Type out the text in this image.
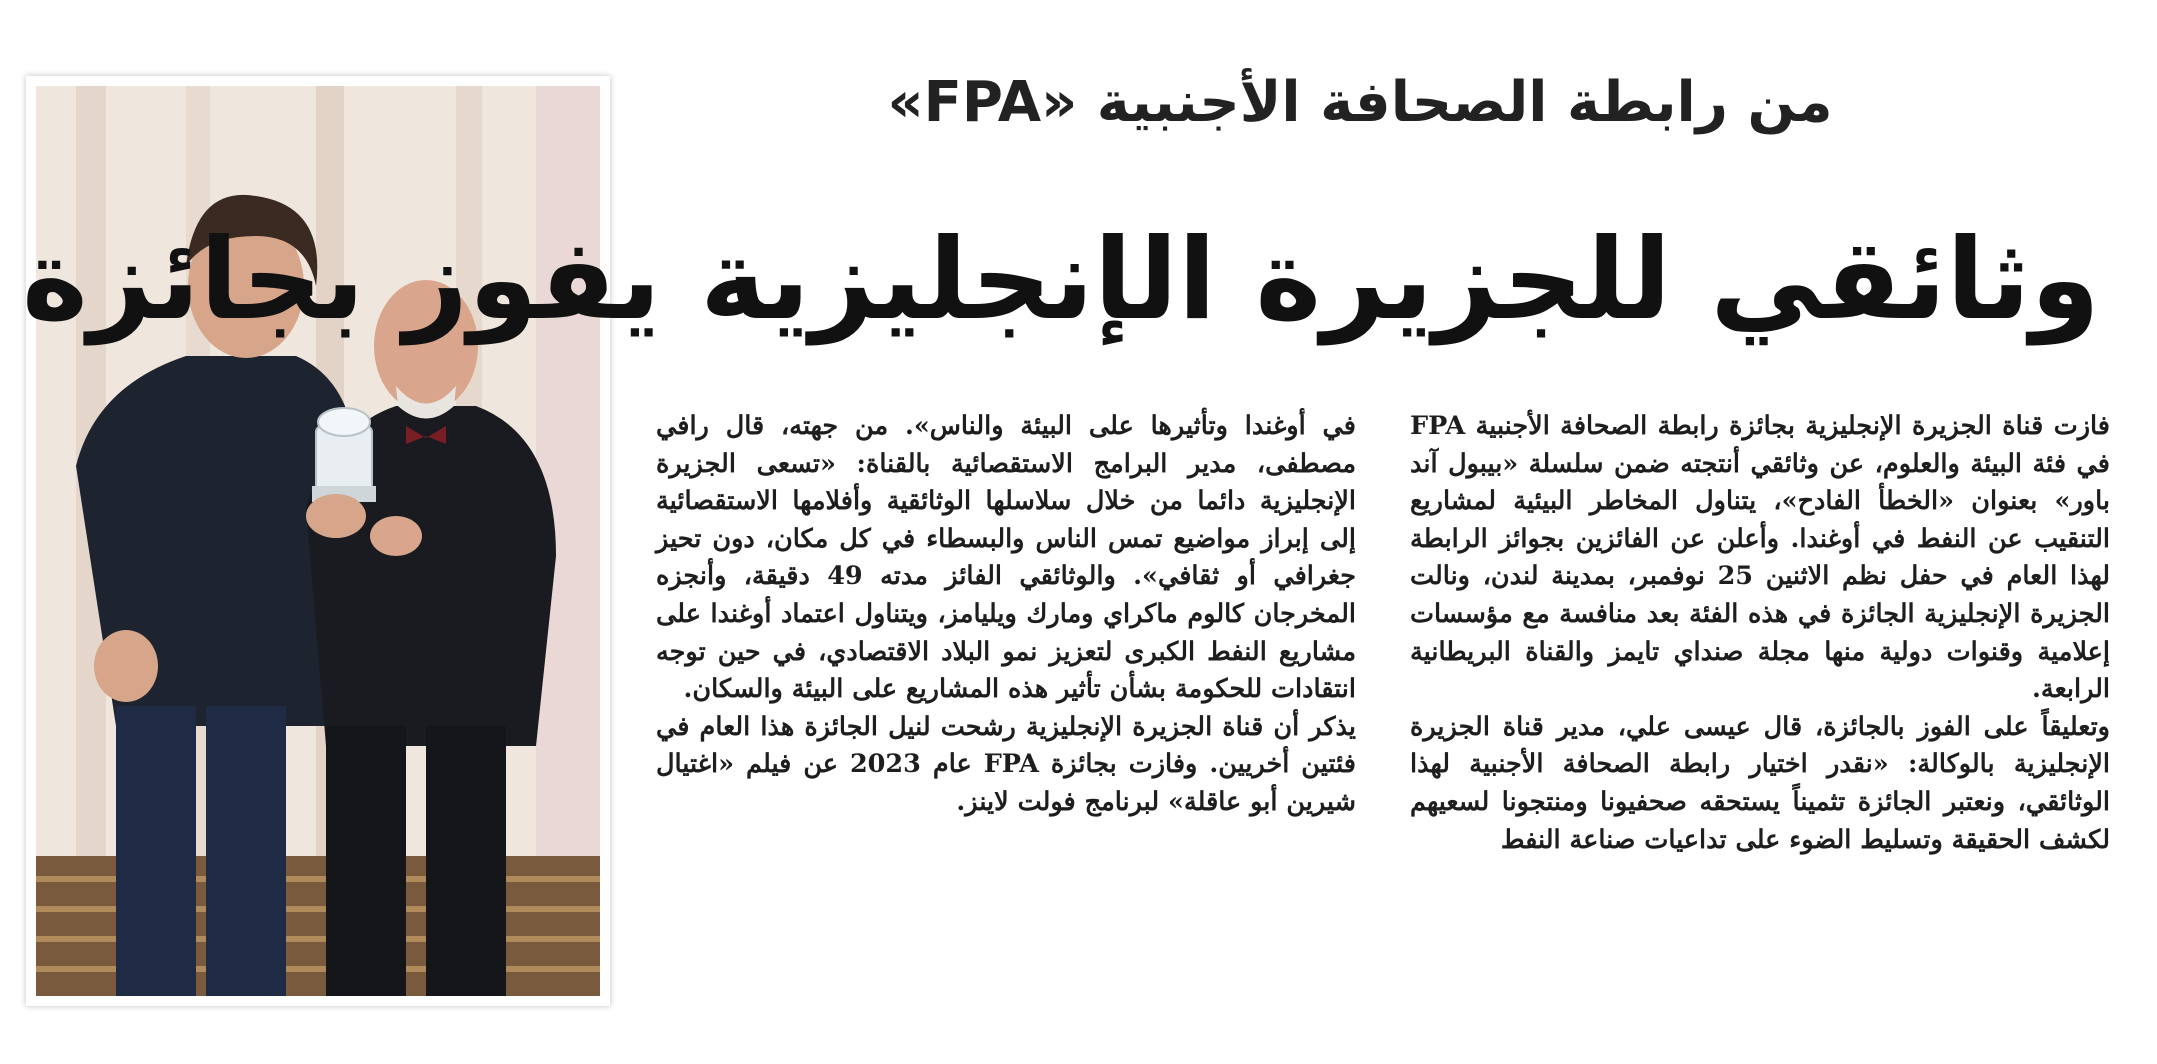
من رابطة الصحافة الأجنبية «FPA»
وثائقي للجزيرة الإنجليزية يفوز بجائزة

فازت قناة الجزيرة الإنجليزية بجائزة رابطة الصحافة الأجنبية FPA في فئة البيئة والعلوم، عن وثائقي أنتجته ضمن سلسلة «بيبول آند باور» بعنوان «الخطأ الفادح»، يتناول المخاطر البيئية لمشاريع التنقيب عن النفط في أوغندا. وأعلن عن الفائزين بجوائز الرابطة لهذا العام في حفل نظم الاثنين 25 نوفمبر، بمدينة لندن، ونالت الجزيرة الإنجليزية الجائزة في هذه الفئة بعد منافسة مع مؤسسات إعلامية وقنوات دولية منها مجلة صنداي تايمز والقناة البريطانية الرابعة.

وتعليقاً على الفوز بالجائزة، قال عيسى علي، مدير قناة الجزيرة الإنجليزية بالوكالة: «نقدر اختيار رابطة الصحافة الأجنبية لهذا الوثائقي، ونعتبر الجائزة تثميناً يستحقه صحفيونا ومنتجونا لسعيهم لكشف الحقيقة وتسليط الضوء على تداعيات صناعة النفط

في أوغندا وتأثيرها على البيئة والناس». من جهته، قال رافي مصطفى، مدير البرامج الاستقصائية بالقناة: «تسعى الجزيرة الإنجليزية دائما من خلال سلاسلها الوثائقية وأفلامها الاستقصائية إلى إبراز مواضيع تمس الناس والبسطاء في كل مكان، دون تحيز جغرافي أو ثقافي». والوثائقي الفائز مدته 49 دقيقة، وأنجزه المخرجان كالوم ماكراي ومارك ويليامز، ويتناول اعتماد أوغندا على مشاريع النفط الكبرى لتعزيز نمو البلاد الاقتصادي، في حين توجه انتقادات للحكومة بشأن تأثير هذه المشاريع على البيئة والسكان.

يذكر أن قناة الجزيرة الإنجليزية رشحت لنيل الجائزة هذا العام في فئتين أخريين. وفازت بجائزة FPA عام 2023 عن فيلم «اغتيال شيرين أبو عاقلة» لبرنامج فولت لاينز.
